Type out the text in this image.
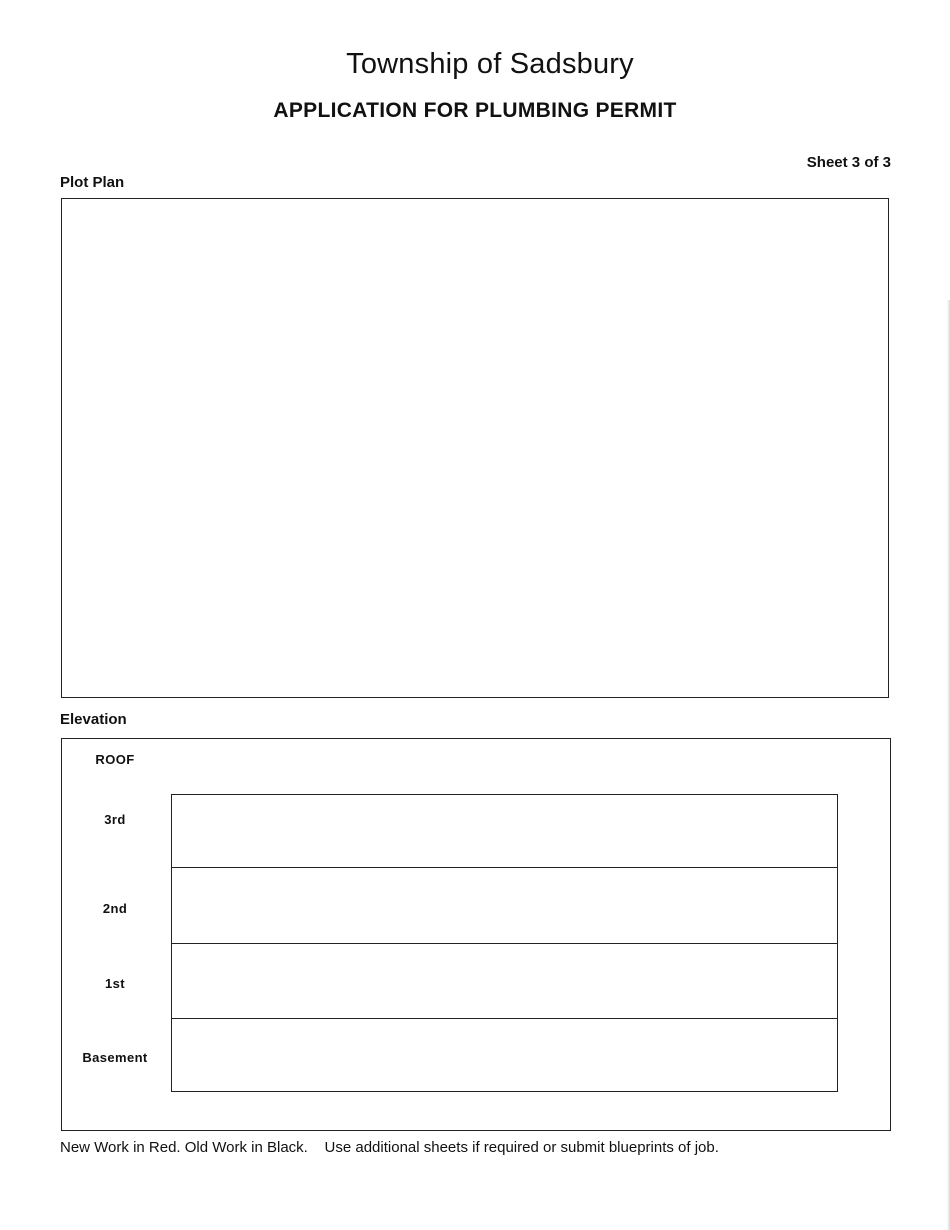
Township of Sadsbury
APPLICATION FOR PLUMBING PERMIT
Sheet 3 of 3
Plot Plan
Elevation
ROOF
3rd
2nd
1st
Basement
New Work in Red. Old Work in Black.    Use additional sheets if required or submit blueprints of job.
